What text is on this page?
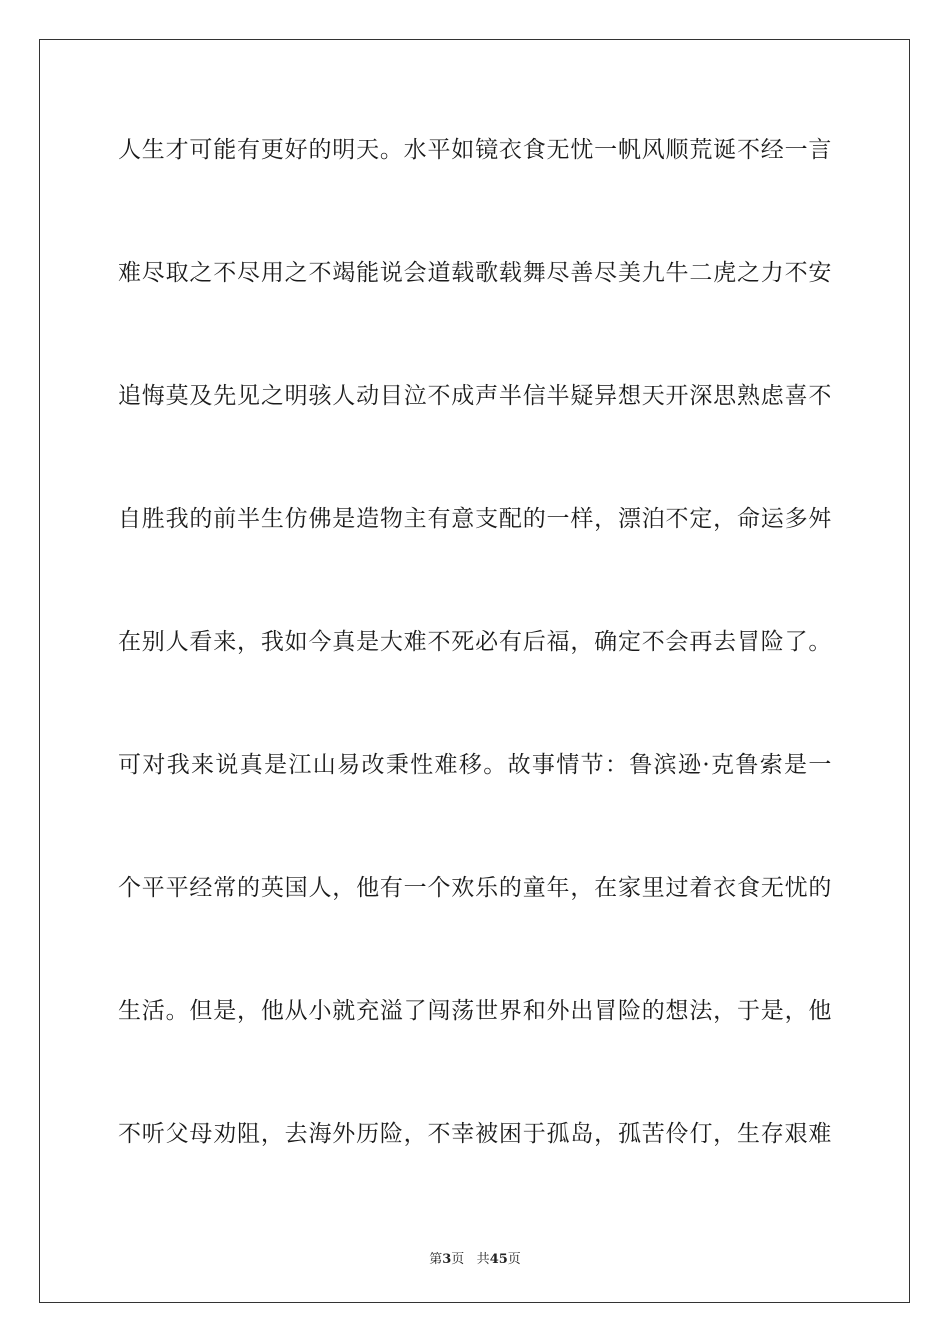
人生才可能有更好的明天。水平如镜衣食无忧一帆风顺荒诞不经一言
难尽取之不尽用之不竭能说会道载歌载舞尽善尽美九牛二虎之力不安
追悔莫及先见之明骇人动目泣不成声半信半疑异想天开深思熟虑喜不
自胜我的前半生仿佛是造物主有意支配的一样，漂泊不定，命运多舛
在别人看来，我如今真是大难不死必有后福，确定不会再去冒险了。
可对我来说真是江山易改秉性难移。故事情节：鲁滨逊·克鲁索是一
个平平经常的英国人，他有一个欢乐的童年，在家里过着衣食无忧的
生活。但是，他从小就充溢了闯荡世界和外出冒险的想法，于是，他
不听父母劝阻，去海外历险，不幸被困于孤岛，孤苦伶仃，生存艰难
第3页 共45页
